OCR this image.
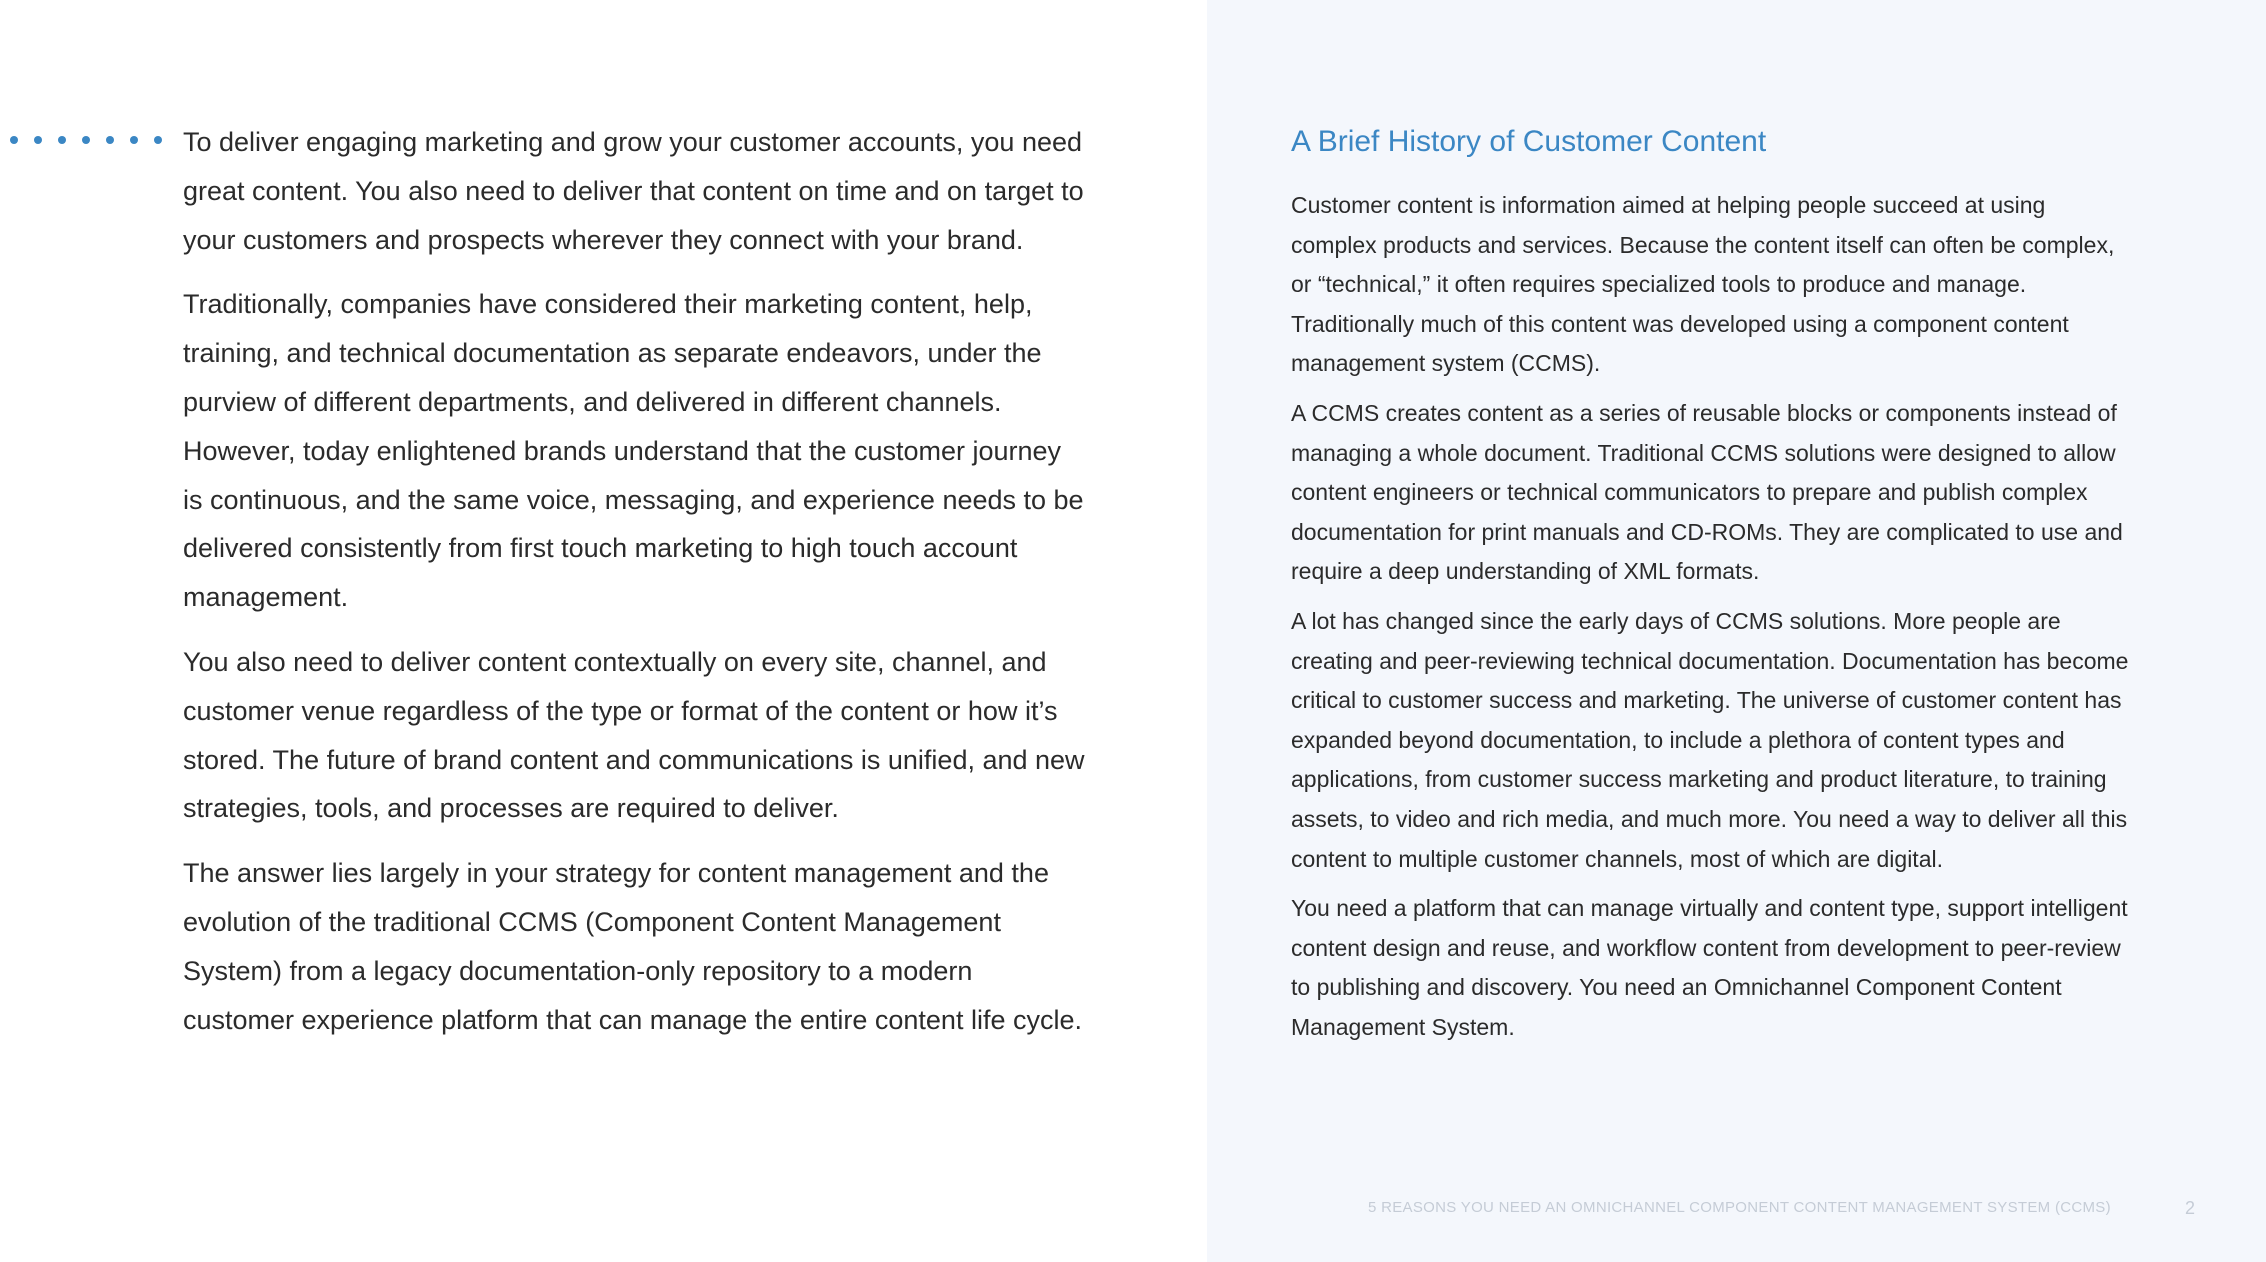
To deliver engaging marketing and grow your customer accounts, you need great content. You also need to deliver that content on time and on target to your customers and prospects wherever they connect with your brand.

Traditionally, companies have considered their marketing content, help, training, and technical documentation as separate endeavors, under the purview of different departments, and delivered in different channels. However, today enlightened brands understand that the customer journey is continuous, and the same voice, messaging, and experience needs to be delivered consistently from first touch marketing to high touch account management.

You also need to deliver content contextually on every site, channel, and customer venue regardless of the type or format of the content or how it’s stored. The future of brand content and communications is unified, and new strategies, tools, and processes are required to deliver.

The answer lies largely in your strategy for content management and the evolution of the traditional CCMS (Component Content Management System) from a legacy documentation-only repository to a modern customer experience platform that can manage the entire content life cycle.

A Brief History of Customer Content

Customer content is information aimed at helping people succeed at using complex products and services. Because the content itself can often be complex, or “technical,” it often requires specialized tools to produce and manage. Traditionally much of this content was developed using a component content management system (CCMS).

A CCMS creates content as a series of reusable blocks or components instead of managing a whole document. Traditional CCMS solutions were designed to allow content engineers or technical communicators to prepare and publish complex documentation for print manuals and CD-ROMs. They are complicated to use and require a deep understanding of XML formats.

A lot has changed since the early days of CCMS solutions. More people are creating and peer-reviewing technical documentation. Documentation has become critical to customer success and marketing. The universe of customer content has expanded beyond documentation, to include a plethora of content types and applications, from customer success marketing and product literature, to training assets, to video and rich media, and much more. You need a way to deliver all this content to multiple customer channels, most of which are digital.

You need a platform that can manage virtually and content type, support intelligent content design and reuse, and workflow content from development to peer-review to publishing and discovery. You need an Omnichannel Component Content Management System.

5 REASONS YOU NEED AN OMNICHANNEL COMPONENT CONTENT MANAGEMENT SYSTEM (CCMS)	2
